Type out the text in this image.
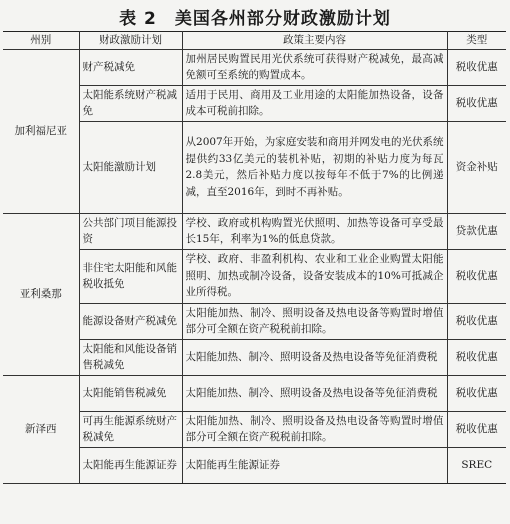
表 2　美国各州部分财政激励计划
州别	财政激励计划	政策主要内容	类型
加利福尼亚	财产税减免	加州居民购置民用光伏系统可获得财产税减免，最高减免额可至系统的购置成本。	税收优惠
	太阳能系统财产税减免	适用于民用、商用及工业用途的太阳能加热设备，设备成本可税前扣除。	税收优惠
	太阳能激励计划	从2007年开始，为家庭安装和商用并网发电的光伏系统提供约33亿美元的装机补贴，初期的补贴力度为每瓦2.8美元，然后补贴力度以按每年不低于7%的比例递减，直至2016年，到时不再补贴。	资金补贴
亚利桑那	公共部门项目能源投资	学校、政府或机构购置光伏照明、加热等设备可享受最长15年，利率为1%的低息贷款。	贷款优惠
	非住宅太阳能和风能税收抵免	学校、政府、非盈利机构、农业和工业企业购置太阳能照明、加热或制冷设备，设备安装成本的10%可抵减企业所得税。	税收优惠
	能源设备财产税减免	太阳能加热、制冷、照明设备及热电设备等购置时增值部分可全额在资产税税前扣除。	税收优惠
	太阳能和风能设备销售税减免	太阳能加热、制冷、照明设备及热电设备等免征消费税	税收优惠
新泽西	太阳能销售税减免	太阳能加热、制冷、照明设备及热电设备等免征消费税	税收优惠
	可再生能源系统财产税减免	太阳能加热、制冷、照明设备及热电设备等购置时增值部分可全额在资产税税前扣除。	税收优惠
	太阳能再生能源证券	太阳能再生能源证券	SREC
